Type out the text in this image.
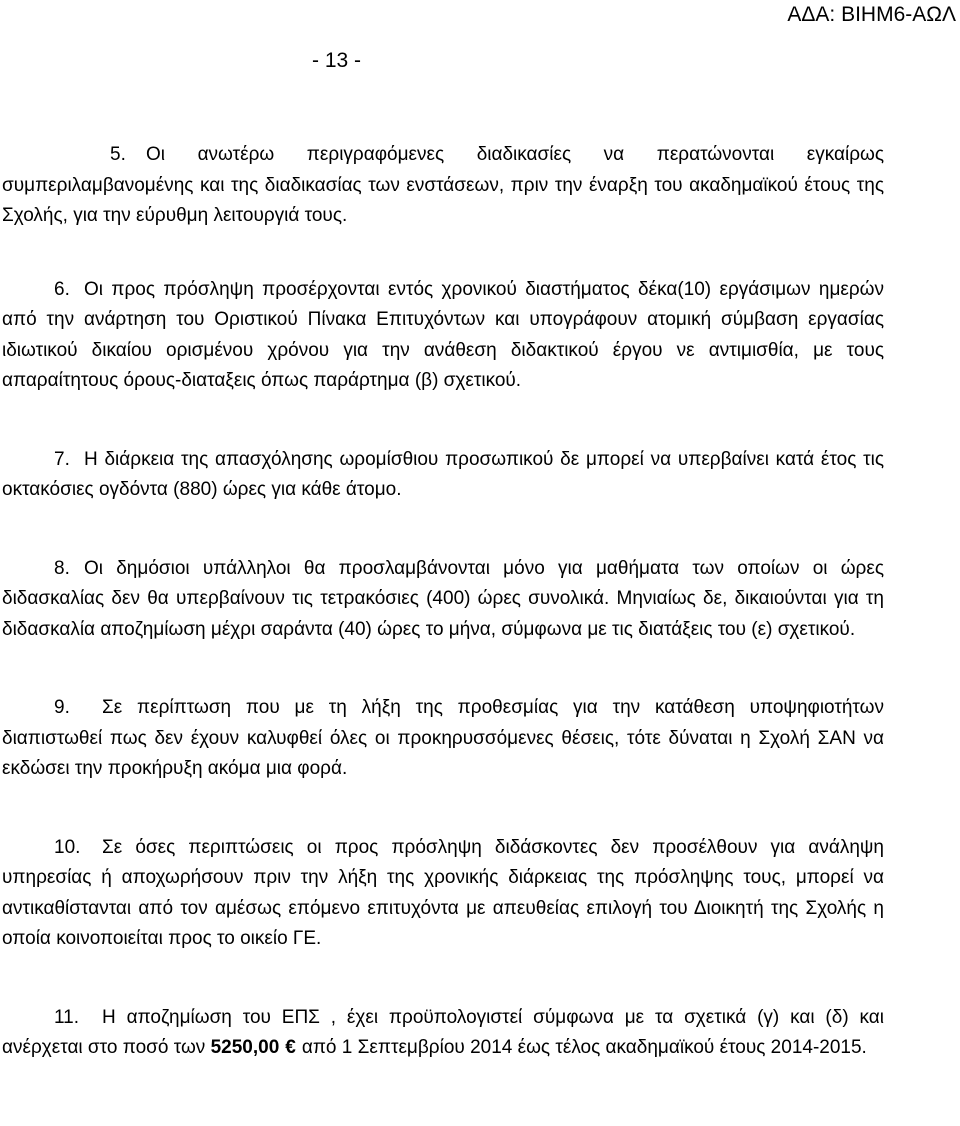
ΑΔΑ: ΒΙΗΜ6-ΑΩΛ
- 13 -

5. Οι ανωτέρω περιγραφόμενες διαδικασίες να περατώνονται εγκαίρως συμπεριλαμβανομένης και της διαδικασίας των ενστάσεων, πριν την έναρξη του ακαδημαϊκού έτους της Σχολής, για την εύρυθμη λειτουργιά τους.

6. Οι προς πρόσληψη προσέρχονται εντός χρονικού διαστήματος δέκα(10) εργάσιμων ημερών από την ανάρτηση του Οριστικού Πίνακα Επιτυχόντων και υπογράφουν ατομική σύμβαση εργασίας ιδιωτικού δικαίου ορισμένου χρόνου για την ανάθεση διδακτικού έργου νε αντιμισθία, με τους απαραίτητους όρους-διαταξεις όπως παράρτημα (β) σχετικού.

7. Η διάρκεια της απασχόλησης ωρομίσθιου προσωπικού δε μπορεί να υπερβαίνει κατά έτος τις οκτακόσιες ογδόντα (880) ώρες για κάθε άτομο.

8. Οι δημόσιοι υπάλληλοι θα προσλαμβάνονται μόνο για μαθήματα των οποίων οι ώρες διδασκαλίας δεν θα υπερβαίνουν τις τετρακόσιες (400) ώρες συνολικά. Μηνιαίως δε, δικαιούνται για τη διδασκαλία αποζημίωση μέχρι σαράντα (40) ώρες το μήνα, σύμφωνα με τις διατάξεις του (ε) σχετικού.

9. Σε περίπτωση που με τη λήξη της προθεσμίας για την κατάθεση υποψηφιοτήτων διαπιστωθεί πως δεν έχουν καλυφθεί όλες οι προκηρυσσόμενες θέσεις, τότε δύναται η Σχολή ΣΑΝ να εκδώσει την προκήρυξη ακόμα μια φορά.

10. Σε όσες περιπτώσεις οι προς πρόσληψη διδάσκοντες δεν προσέλθουν για ανάληψη υπηρεσίας ή αποχωρήσουν πριν την λήξη της χρονικής διάρκειας της πρόσληψης τους, μπορεί να αντικαθίστανται από τον αμέσως επόμενο επιτυχόντα με απευθείας επιλογή του Διοικητή της Σχολής η οποία κοινοποιείται προς το οικείο ΓΕ.

11. Η αποζημίωση του ΕΠΣ , έχει προϋπολογιστεί σύμφωνα με τα σχετικά (γ) και (δ) και ανέρχεται στο ποσό των 5250,00 € από 1 Σεπτεμβρίου 2014 έως τέλος ακαδημαϊκού έτους 2014-2015.
